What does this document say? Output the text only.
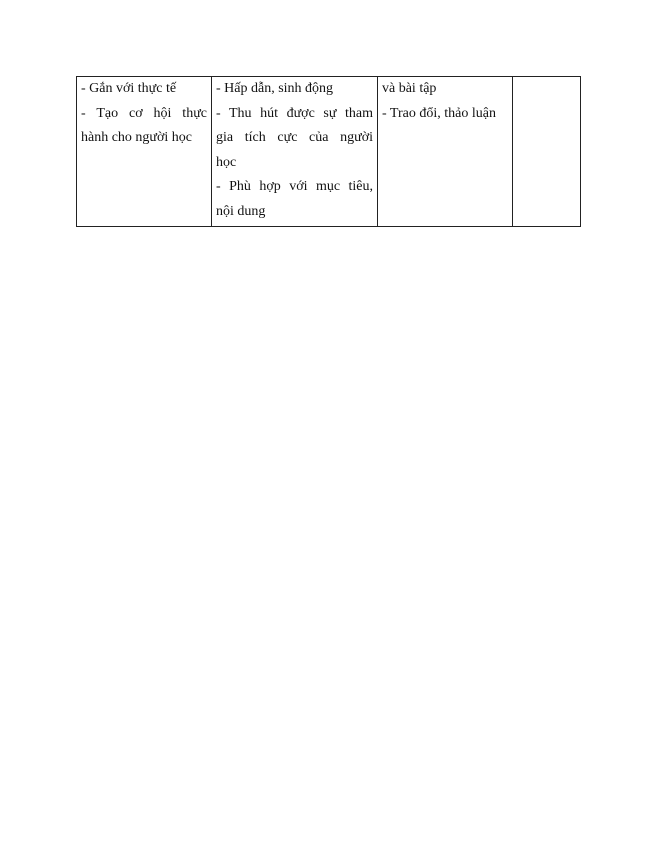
- Gắn với thực tế
- Tạo cơ hội thực
hành cho người học

- Hấp dẫn, sinh động
- Thu hút được sự tham
gia tích cực của người
học
- Phù hợp với mục tiêu,
nội dung

và bài tập
- Trao đổi, thảo luận
